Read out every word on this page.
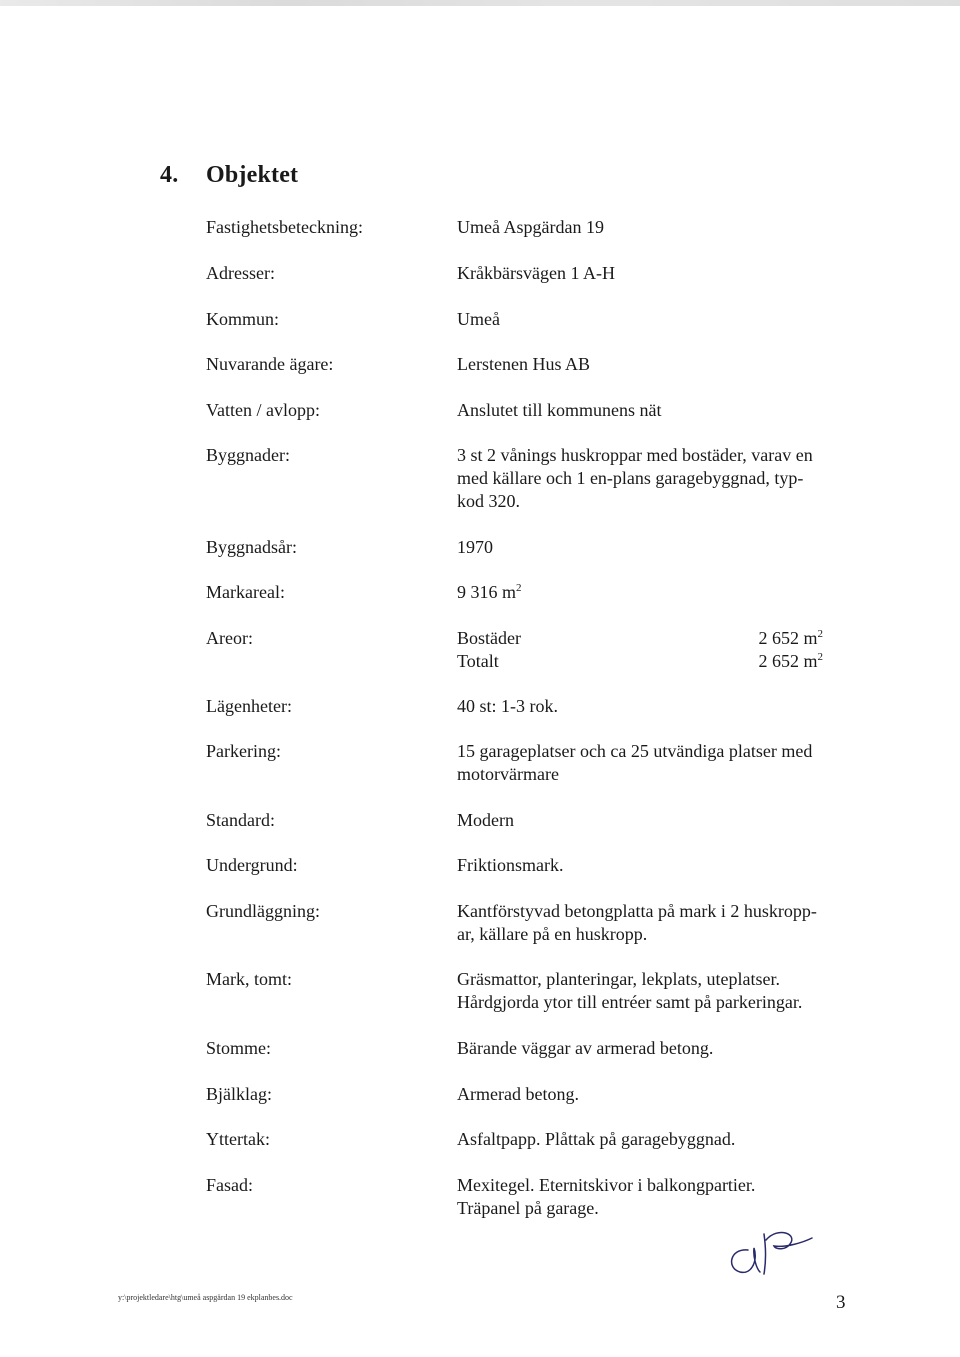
4. Objektet
Fastighetsbeteckning:	Umeå Aspgärdan 19
Adresser:	Kråkbärsvägen 1 A-H
Kommun:	Umeå
Nuvarande ägare:	Lerstenen Hus AB
Vatten / avlopp:	Anslutet till kommunens nät
Byggnader:	3 st 2 vånings huskroppar med bostäder, varav en
med källare och 1 en-plans garagebyggnad, typ-
kod 320.
Byggnadsår:	1970
Markareal:	9 316 $m^2$
Areor:	Bostäder	2 652 $m^2$
Totalt	2 652 $m^2$
Lägenheter:	40 st: 1-3 rok.
Parkering:	15 garageplatser och ca 25 utvändiga platser med
motorvärmare
Standard:	Modern
Undergrund:	Friktionsmark.
Grundläggning:	Kantförstyvad betongplatta på mark i 2 huskropp-
ar, källare på en huskropp.
Mark, tomt:	Gräsmattor, planteringar, lekplats, uteplatser.
Hårdgjorda ytor till entréer samt på parkeringar.
Stomme:	Bärande väggar av armerad betong.
Bjälklag:	Armerad betong.
Yttertak:	Asfaltpapp. Plåttak på garagebyggnad.
Fasad:	Mexitegel. Eternitskivor i balkongpartier.
Träpanel på garage.
y:\projektledare\htg\umeå aspgärdan 19 ekplanbes.doc	3
